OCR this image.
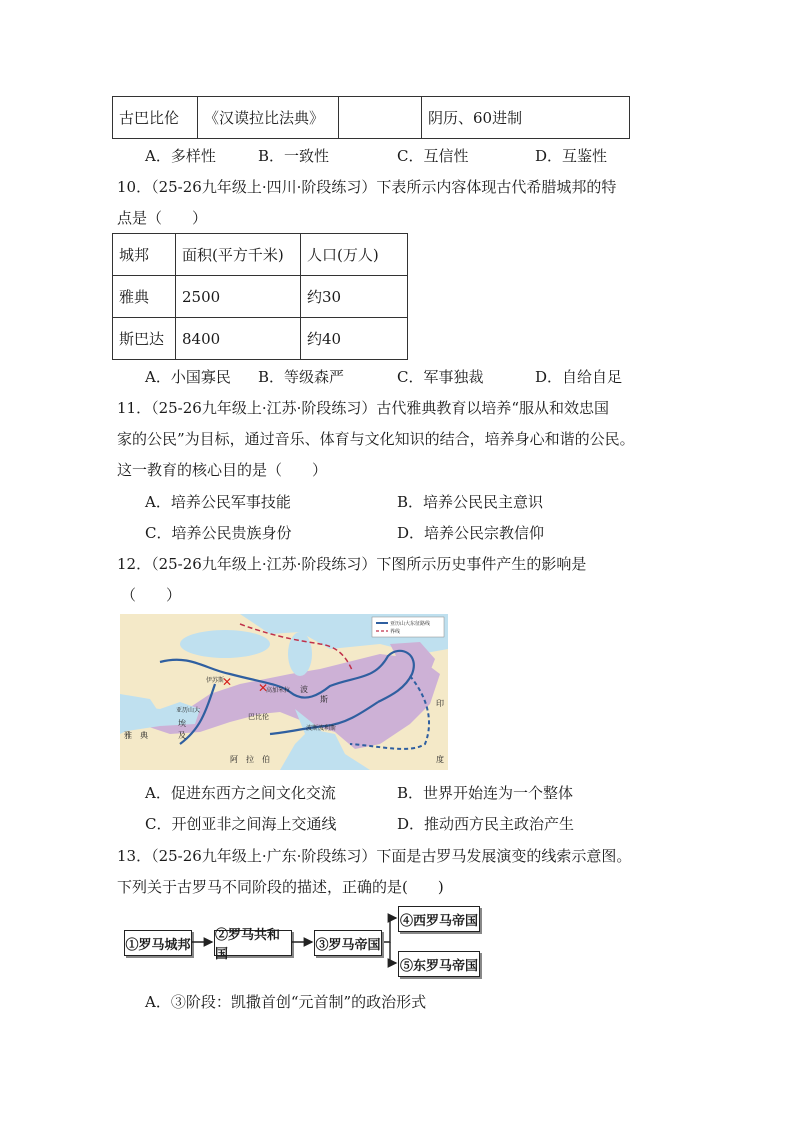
古巴比伦	《汉谟拉比法典》		阴历、60进制
A．多样性	B．一致性	C．互信性	D．互鉴性
10．（25-26九年级上·四川·阶段练习）下表所示内容体现古代希腊城邦的特
点是（　　）
城邦	面积(平方千米)	人口(万人)
雅典	2500	约30
斯巴达	8400	约40
A．小国寡民 B．等级森严	C．军事独裁	D．自给自足
11．（25-26九年级上·江苏·阶段练习）古代雅典教育以培养“服从和效忠国
家的公民”为目标，通过音乐、体育与文化知识的结合，培养身心和谐的公民。
这一教育的核心目的是（　　）
A．培养公民军事技能	B．培养公民民主意识
C．培养公民贵族身份	D．培养公民宗教信仰
12．（25-26九年级上·江苏·阶段练习）下图所示历史事件产生的影响是
（　　）
✕ ✕
巴比伦
波
斯
阿　拉　伯
亚历山大
埃
及
雅　典
印
度
伊苏斯
高加米拉
波斯波利斯
亚历山大东征路线
界线
A．促进东西方之间文化交流	B．世界开始连为一个整体
C．开创亚非之间海上交通线	D．推动西方民主政治产生
13．（25-26九年级上·广东·阶段练习）下面是古罗马发展演变的线索示意图。
下列关于古罗马不同阶段的描述，正确的是(　　)
①罗马城邦
②罗马共和国
③罗马帝国
④西罗马帝国
⑤东罗马帝国
A．③阶段：凯撒首创“元首制”的政治形式
